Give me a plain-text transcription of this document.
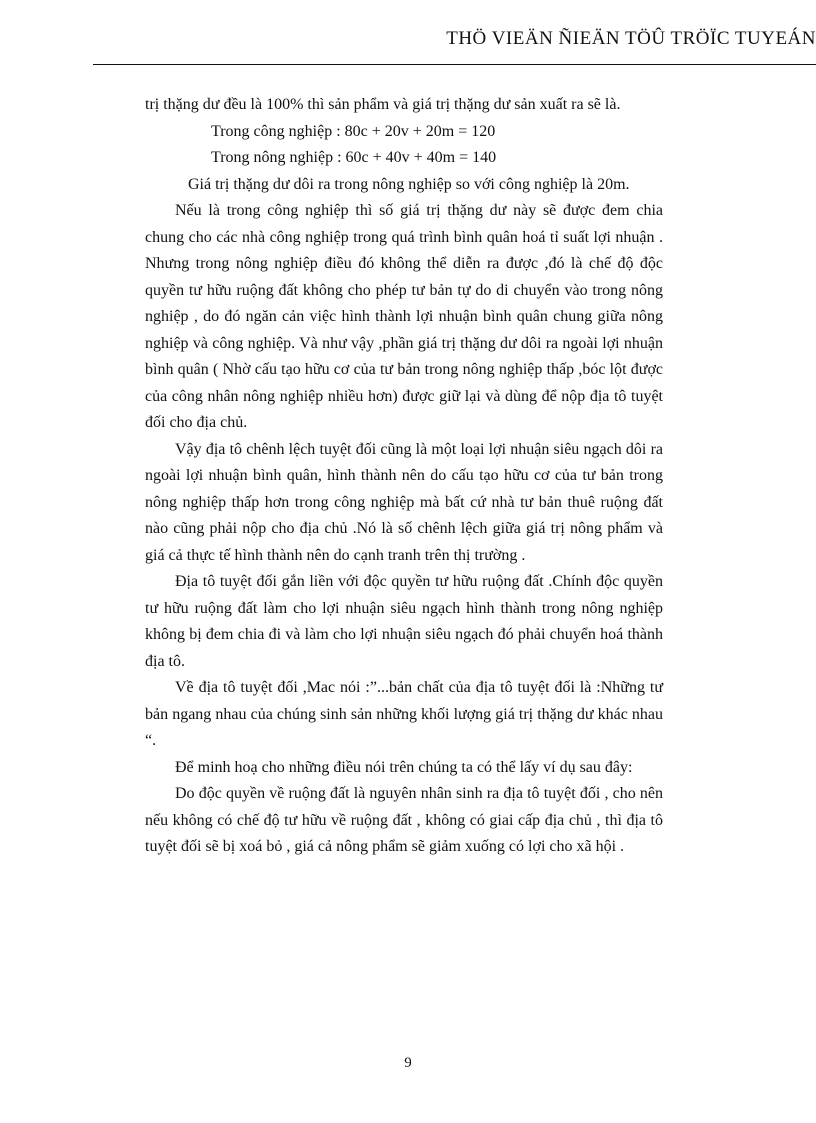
THÖ VIEÄN ÑIEÄN TÖÛ TRÖÏC TUYEÁN

trị thặng dư đều là 100% thì sản phẩm và giá trị thặng dư sản xuất ra sẽ là.

Trong công nghiệp : 80c + 20v + 20m = 120

Trong nông nghiệp : 60c + 40v + 40m = 140

Giá trị thặng dư dôi ra trong nông nghiệp so với công nghiệp là 20m.

Nếu là trong công nghiệp thì số giá trị thặng dư này sẽ được đem chia chung cho các nhà công nghiệp trong quá trình bình quân hoá tỉ suất lợi nhuận . Nhưng trong nông nghiệp điều đó không thể diễn ra được ,đó là chế độ độc quyền tư hữu ruộng đất không cho phép tư bản tự do di chuyển vào trong nông nghiệp , do đó ngăn cản việc hình thành lợi nhuận bình quân chung giữa nông nghiệp và công nghiệp. Và như vậy ,phần giá trị thặng dư dôi ra ngoài lợi nhuận bình quân ( Nhờ cấu tạo hữu cơ của tư bản trong nông nghiệp thấp ,bóc lột được của công nhân nông nghiệp nhiều hơn) được giữ lại và dùng để nộp địa tô tuyệt đối cho địa chủ.

Vậy địa tô chênh lệch tuyệt đối cũng là một loại lợi nhuận siêu ngạch dôi ra ngoài lợi nhuận bình quân, hình thành nên do cấu tạo hữu cơ của tư bản trong nông nghiệp thấp hơn trong công nghiệp mà bất cứ nhà tư bản thuê ruộng đất nào cũng phải nộp cho địa chủ .Nó là số chênh lệch giữa giá trị nông phẩm và giá cả thực tế hình thành nên do cạnh tranh trên thị trường .

Địa tô tuyệt đối gắn liền với độc quyền tư hữu ruộng đất .Chính độc quyền tư hữu ruộng đất làm cho lợi nhuận siêu ngạch hình thành trong nông nghiệp không bị đem chia đi và làm cho lợi nhuận siêu ngạch đó phải chuyển hoá thành địa tô.

Về địa tô tuyệt đối ,Mac nói :”...bản chất của địa tô tuyệt đối là :Những tư bản ngang nhau của chúng sinh sản những khối lượng giá trị thặng dư khác nhau “.

Để minh hoạ cho những điều nói trên chúng ta có thể lấy ví dụ sau đây:

Do độc quyền về ruộng đất là nguyên nhân sinh ra địa tô tuyệt đối , cho nên nếu không có chế độ tư hữu về ruộng đất , không có giai cấp địa chủ , thì địa tô tuyệt đối sẽ bị xoá bỏ , giá cả nông phẩm sẽ giảm xuống có lợi cho xã hội .

9
